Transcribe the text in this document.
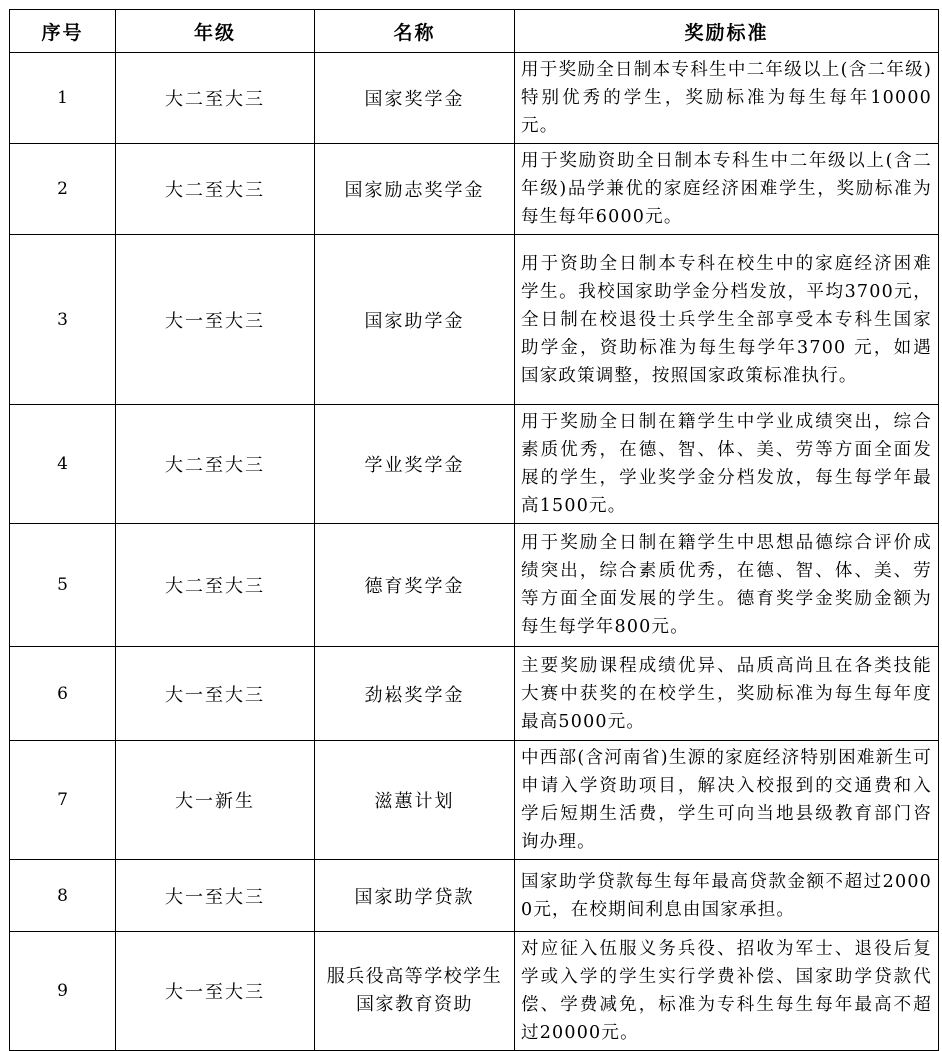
序号	年级	名称	奖励标准
1	大二至大三	国家奖学金	用于奖励全日制本专科生中二年级以上(含二年级)特别优秀的学生，奖励标准为每生每年10000元。
2	大二至大三	国家励志奖学金	用于奖励资助全日制本专科生中二年级以上(含二年级)品学兼优的家庭经济困难学生，奖励标准为每生每年6000元。
3	大一至大三	国家助学金	用于资助全日制本专科在校生中的家庭经济困难学生。我校国家助学金分档发放，平均3700元，全日制在校退役士兵学生全部享受本专科生国家助学金，资助标准为每生每学年3700 元，如遇国家政策调整，按照国家政策标准执行。
4	大二至大三	学业奖学金	用于奖励全日制在籍学生中学业成绩突出，综合素质优秀，在德、智、体、美、劳等方面全面发展的学生，学业奖学金分档发放，每生每学年最高1500元。
5	大二至大三	德育奖学金	用于奖励全日制在籍学生中思想品德综合评价成绩突出，综合素质优秀，在德、智、体、美、劳等方面全面发展的学生。德育奖学金奖励金额为每生每学年800元。
6	大一至大三	劲崧奖学金	主要奖励课程成绩优异、品质高尚且在各类技能大赛中获奖的在校学生，奖励标准为每生每年度最高5000元。
7	大一新生	滋蕙计划	中西部(含河南省)生源的家庭经济特别困难新生可申请入学资助项目，解决入校报到的交通费和入学后短期生活费，学生可向当地县级教育部门咨询办理。
8	大一至大三	国家助学贷款	国家助学贷款每生每年最高贷款金额不超过20000元，在校期间利息由国家承担。
9	大一至大三	服兵役高等学校学生国家教育资助	对应征入伍服义务兵役、招收为军士、退役后复学或入学的学生实行学费补偿、国家助学贷款代偿、学费减免，标准为专科生每生每年最高不超过20000元。
